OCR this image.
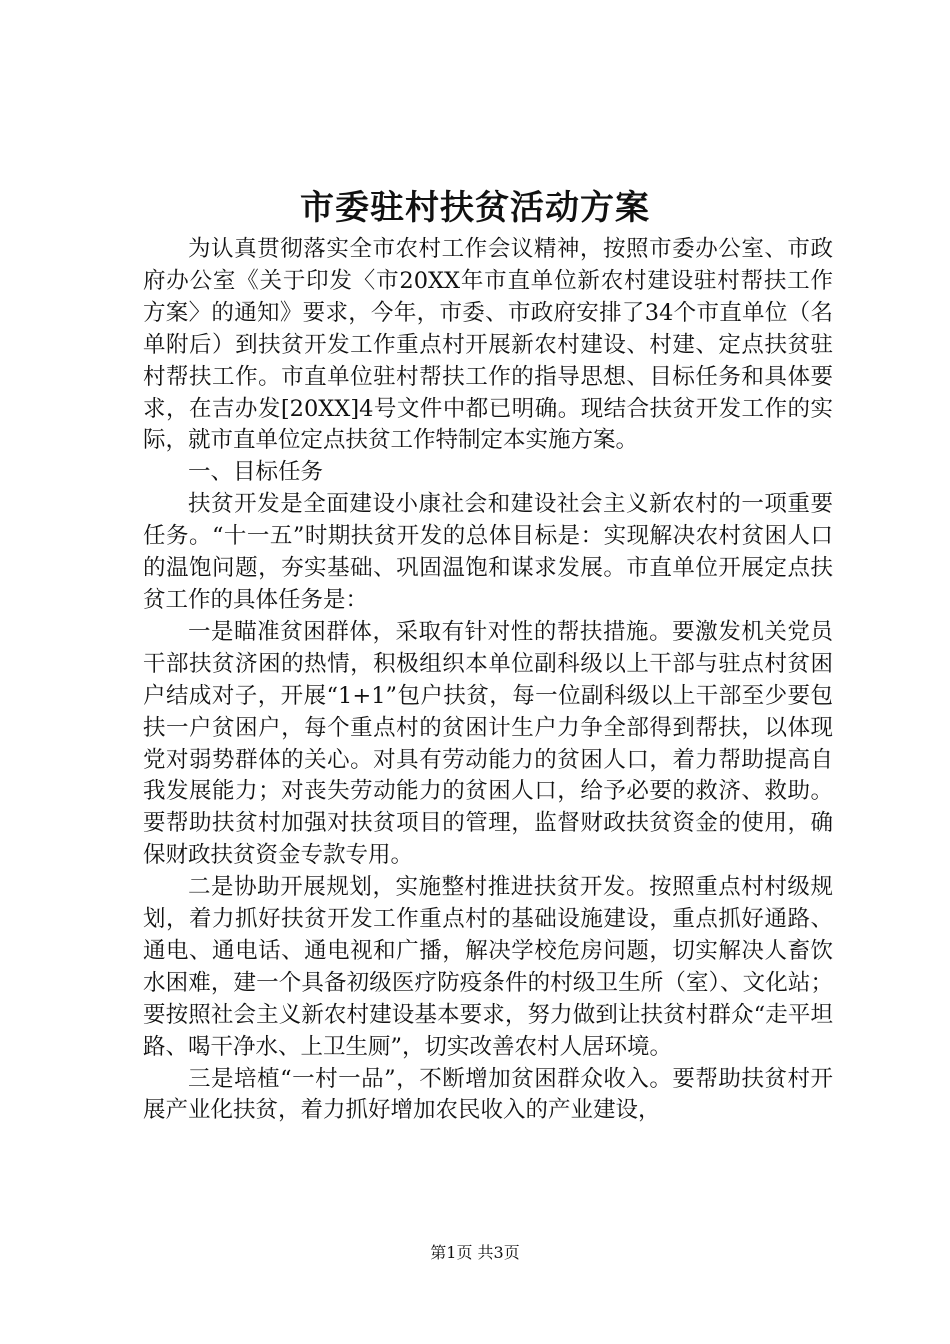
市委驻村扶贫活动方案

为认真贯彻落实全市农村工作会议精神，按照市委办公室、市政府办公室《关于印发〈市20XX年市直单位新农村建设驻村帮扶工作方案〉的通知》要求，今年，市委、市政府安排了34个市直单位（名单附后）到扶贫开发工作重点村开展新农村建设、村建、定点扶贫驻村帮扶工作。市直单位驻村帮扶工作的指导思想、目标任务和具体要求，在吉办发[20XX]4号文件中都已明确。现结合扶贫开发工作的实际，就市直单位定点扶贫工作特制定本实施方案。

一、目标任务

扶贫开发是全面建设小康社会和建设社会主义新农村的一项重要任务。“十一五”时期扶贫开发的总体目标是：实现解决农村贫困人口的温饱问题，夯实基础、巩固温饱和谋求发展。市直单位开展定点扶贫工作的具体任务是：

一是瞄准贫困群体，采取有针对性的帮扶措施。要激发机关党员干部扶贫济困的热情，积极组织本单位副科级以上干部与驻点村贫困户结成对子，开展“1+1”包户扶贫，每一位副科级以上干部至少要包扶一户贫困户，每个重点村的贫困计生户力争全部得到帮扶，以体现党对弱势群体的关心。对具有劳动能力的贫困人口，着力帮助提高自我发展能力；对丧失劳动能力的贫困人口，给予必要的救济、救助。要帮助扶贫村加强对扶贫项目的管理，监督财政扶贫资金的使用，确保财政扶贫资金专款专用。

二是协助开展规划，实施整村推进扶贫开发。按照重点村村级规划，着力抓好扶贫开发工作重点村的基础设施建设，重点抓好通路、通电、通电话、通电视和广播，解决学校危房问题，切实解决人畜饮水困难，建一个具备初级医疗防疫条件的村级卫生所（室）、文化站；要按照社会主义新农村建设基本要求，努力做到让扶贫村群众“走平坦路、喝干净水、上卫生厕”，切实改善农村人居环境。

三是培植“一村一品”，不断增加贫困群众收入。要帮助扶贫村开展产业化扶贫，着力抓好增加农民收入的产业建设，

第1页 共3页
